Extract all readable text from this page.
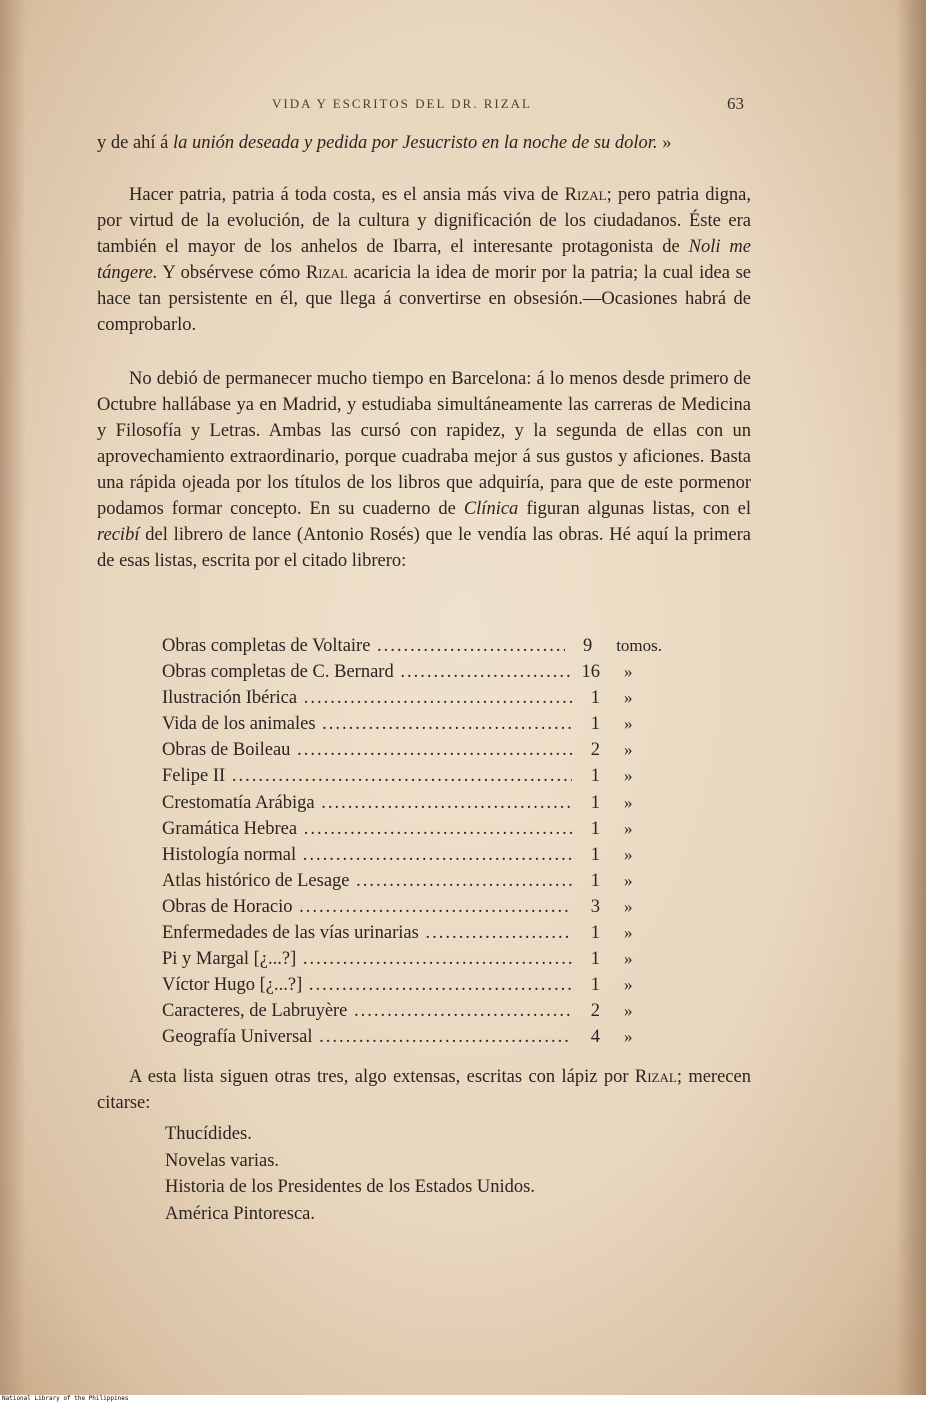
VIDA Y ESCRITOS DEL DR. RIZAL	63
y de ahí á la unión deseada y pedida por Jesucristo en la noche de su dolor. »
Hacer patria, patria á toda costa, es el ansia más viva de Rizal; pero patria digna, por virtud de la evolución, de la cultura y dignificación de los ciudadanos. Éste era también el mayor de los anhelos de Ibarra, el interesante protagonista de Noli me tángere. Y obsérvese cómo Rizal acaricia la idea de morir por la patria; la cual idea se hace tan persistente en él, que llega á convertirse en obsesión.—Ocasiones habrá de comprobarlo.
No debió de permanecer mucho tiempo en Barcelona: á lo menos desde primero de Octubre hallábase ya en Madrid, y estudiaba simultáneamente las carreras de Medicina y Filosofía y Letras. Ambas las cursó con rapidez, y la segunda de ellas con un aprovechamiento extraordinario, porque cuadraba mejor á sus gustos y aficiones. Basta una rápida ojeada por los títulos de los libros que adquiría, para que de este pormenor podamos formar concepto. En su cuaderno de Clínica figuran algunas listas, con el recibí del librero de lance (Antonio Rosés) que le vendía las obras. Hé aquí la primera de esas listas, escrita por el citado librero:
Obras completas de Voltaire .....	9 tomos.
Obras completas de C. Bernard .....	16 »
Ilustración Ibérica .....	1 »
Vida de los animales .....	1 »
Obras de Boileau .....	2 »
Felipe II .....	1 »
Crestomatía Arábiga .....	1 »
Gramática Hebrea .....	1 »
Histología normal .....	1 »
Atlas histórico de Lesage .....	1 »
Obras de Horacio .....	3 »
Enfermedades de las vías urinarias .....	1 »
Pi y Margal [¿...?] .....	1 »
Víctor Hugo [¿...?] .....	1 »
Caracteres, de Labruyère .....	2 »
Geografía Universal .....	4 »
A esta lista siguen otras tres, algo extensas, escritas con lápiz por Rizal; merecen citarse:
Thucídides.
Novelas varias.
Historia de los Presidentes de los Estados Unidos.
América Pintoresca.
National Library of the Philippines
